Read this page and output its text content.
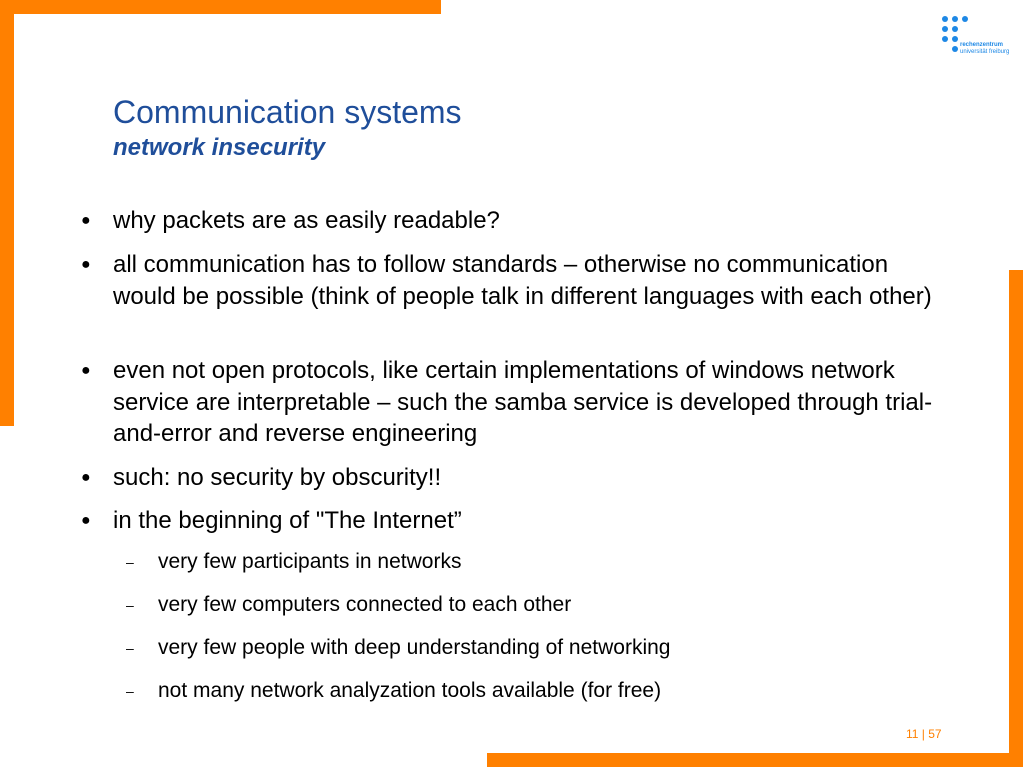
rechenzentrum
universität freiburg
Communication systems
network insecurity
● why packets are as easily readable?
● all communication has to follow standards – otherwise no communication would be possible (think of people talk in different languages with each other)
● even not open protocols, like certain implementations of windows network service are interpretable – such the samba service is developed through trial-and-error and reverse engineering
● such: no security by obscurity!!
● in the beginning of "The Internet”
– very few participants in networks
– very few computers connected to each other
– very few people with deep understanding of networking
– not many network analyzation tools available (for free)
11 | 57
